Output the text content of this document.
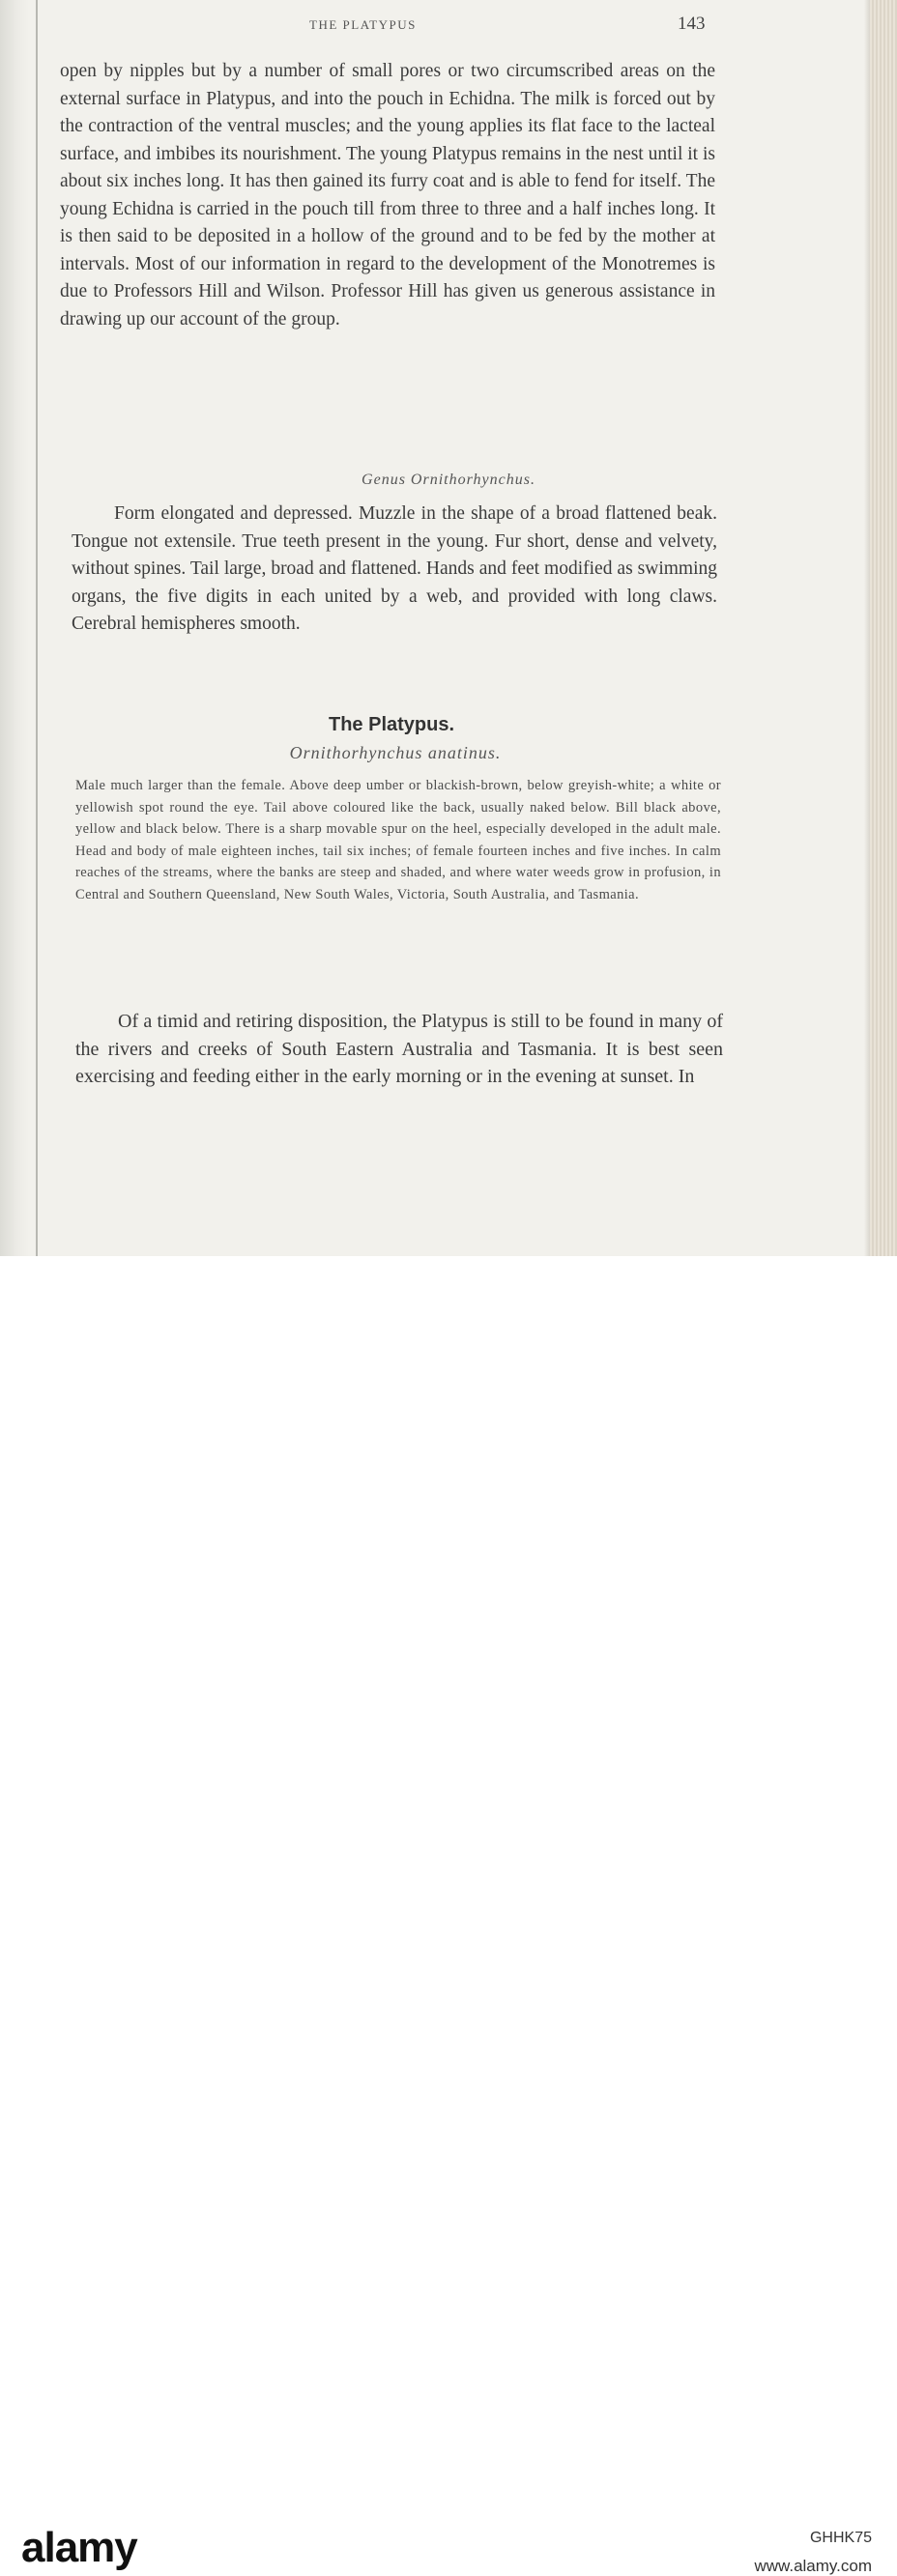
THE PLATYPUS	143

open by nipples but by a number of small pores or two circumscribed areas on the external surface in Platypus, and into the pouch in Echidna. The milk is forced out by the contraction of the ventral muscles; and the young applies its flat face to the lacteal surface, and imbibes its nourishment. The young Platypus remains in the nest until it is about six inches long. It has then gained its furry coat and is able to fend for itself. The young Echidna is carried in the pouch till from three to three and a half inches long. It is then said to be deposited in a hollow of the ground and to be fed by the mother at intervals. Most of our information in regard to the development of the Monotremes is due to Professors Hill and Wilson. Professor Hill has given us generous assistance in drawing up our account of the group.

Genus Ornithorhynchus.

Form elongated and depressed. Muzzle in the shape of a broad flattened beak. Tongue not extensile. True teeth present in the young. Fur short, dense and velvety, without spines. Tail large, broad and flattened. Hands and feet modified as swimming organs, the five digits in each united by a web, and provided with long claws. Cerebral hemispheres smooth.

The Platypus.
Ornithorhynchus anatinus.

Male much larger than the female. Above deep umber or blackish-brown, below greyish-white; a white or yellowish spot round the eye. Tail above coloured like the back, usually naked below. Bill black above, yellow and black below. There is a sharp movable spur on the heel, especially developed in the adult male. Head and body of male eighteen inches, tail six inches; of female fourteen inches and five inches. In calm reaches of the streams, where the banks are steep and shaded, and where water weeds grow in profusion, in Central and Southern Queensland, New South Wales, Victoria, South Australia, and Tasmania.

Of a timid and retiring disposition, the Platypus is still to be found in many of the rivers and creeks of South Eastern Australia and Tasmania. It is best seen exercising and feeding either in the early morning or in the evening at sunset. In

alamy	GHHK75
www.alamy.com
